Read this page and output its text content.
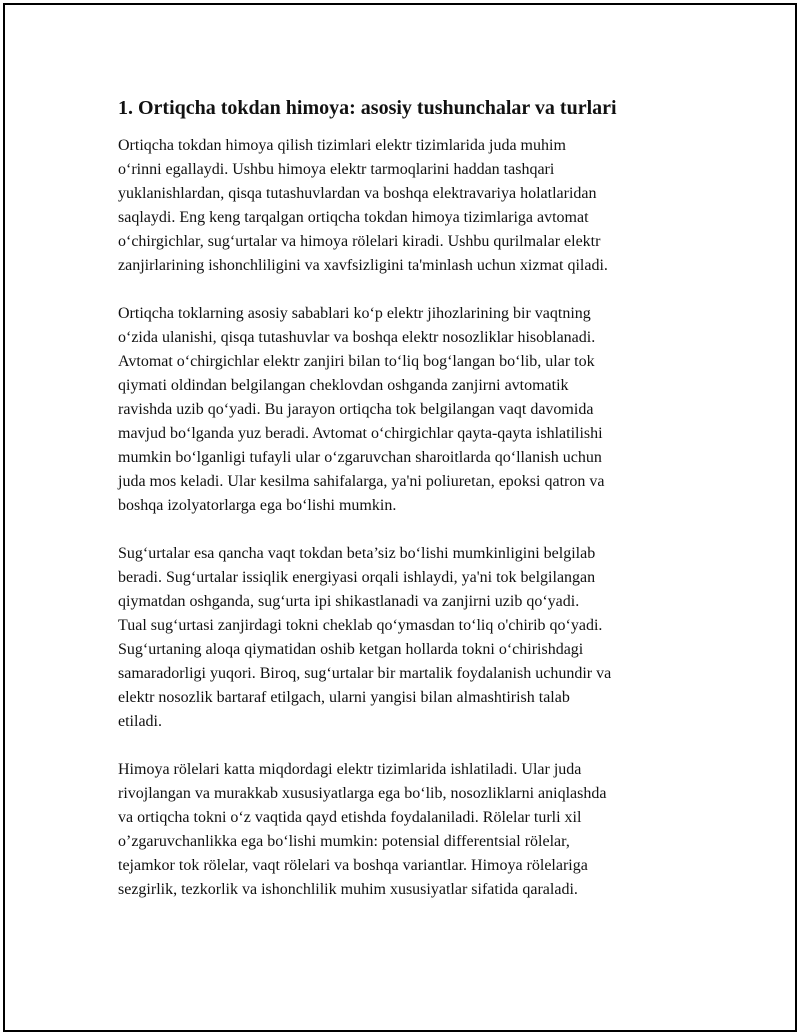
1. Ortiqcha tokdan himoya: asosiy tushunchalar va turlari

Ortiqcha tokdan himoya qilish tizimlari elektr tizimlarida juda muhim
o‘rinni egallaydi. Ushbu himoya elektr tarmoqlarini haddan tashqari
yuklanishlardan, qisqa tutashuvlardan va boshqa elektravariya holatlaridan
saqlaydi. Eng keng tarqalgan ortiqcha tokdan himoya tizimlariga avtomat
o‘chirgichlar, sug‘urtalar va himoya rölelari kiradi. Ushbu qurilmalar elektr
zanjirlarining ishonchliligini va xavfsizligini ta'minlash uchun xizmat qiladi.

Ortiqcha toklarning asosiy sabablari ko‘p elektr jihozlarining bir vaqtning
o‘zida ulanishi, qisqa tutashuvlar va boshqa elektr nosozliklar hisoblanadi.
Avtomat o‘chirgichlar elektr zanjiri bilan to‘liq bog‘langan bo‘lib, ular tok
qiymati oldindan belgilangan cheklovdan oshganda zanjirni avtomatik
ravishda uzib qo‘yadi. Bu jarayon ortiqcha tok belgilangan vaqt davomida
mavjud bo‘lganda yuz beradi. Avtomat o‘chirgichlar qayta-qayta ishlatilishi
mumkin bo‘lganligi tufayli ular o‘zgaruvchan sharoitlarda qo‘llanish uchun
juda mos keladi. Ular kesilma sahifalarga, ya'ni poliuretan, epoksi qatron va
boshqa izolyatorlarga ega bo‘lishi mumkin.

Sug‘urtalar esa qancha vaqt tokdan beta’siz bo‘lishi mumkinligini belgilab
beradi. Sug‘urtalar issiqlik energiyasi orqali ishlaydi, ya'ni tok belgilangan
qiymatdan oshganda, sug‘urta ipi shikastlanadi va zanjirni uzib qo‘yadi.
Tual sug‘urtasi zanjirdagi tokni cheklab qo‘ymasdan to‘liq o'chirib qo‘yadi.
Sug‘urtaning aloqa qiymatidan oshib ketgan hollarda tokni o‘chirishdagi
samaradorligi yuqori. Biroq, sug‘urtalar bir martalik foydalanish uchundir va
elektr nosozlik bartaraf etilgach, ularni yangisi bilan almashtirish talab
etiladi.

Himoya rölelari katta miqdordagi elektr tizimlarida ishlatiladi. Ular juda
rivojlangan va murakkab xususiyatlarga ega bo‘lib, nosozliklarni aniqlashda
va ortiqcha tokni o‘z vaqtida qayd etishda foydalaniladi. Rölelar turli xil
o’zgaruvchanlikka ega bo‘lishi mumkin: potensial differentsial rölelar,
tejamkor tok rölelar, vaqt rölelari va boshqa variantlar. Himoya rölelariga
sezgirlik, tezkorlik va ishonchlilik muhim xususiyatlar sifatida qaraladi.
